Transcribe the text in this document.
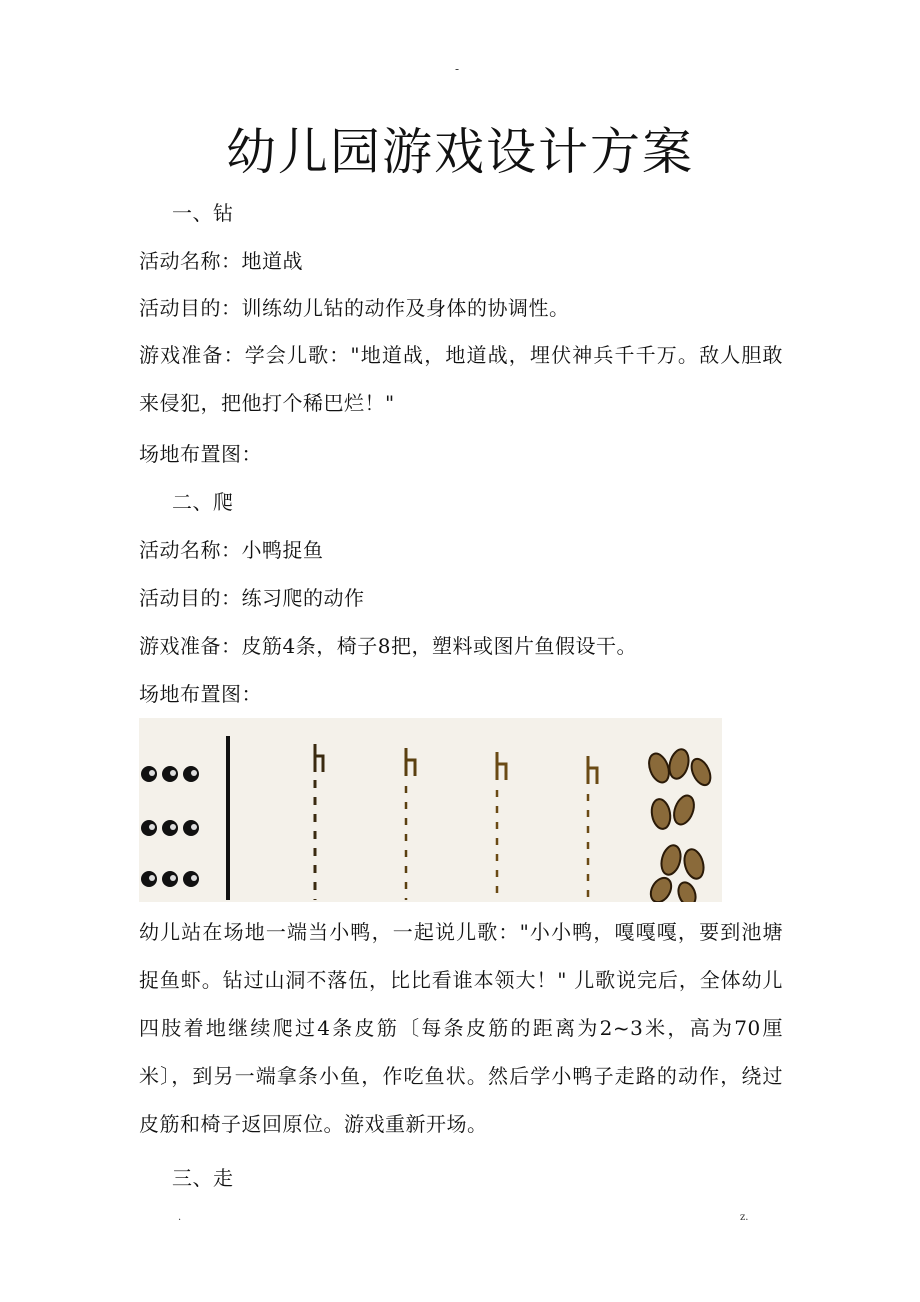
-
幼儿园游戏设计方案
一、钻
活动名称：地道战
活动目的：训练幼儿钻的动作及身体的协调性。
游戏准备：学会儿歌："地道战，地道战，埋伏神兵千千万。敌人胆敢来侵犯，把他打个稀巴烂！"
场地布置图：
二、爬
活动名称：小鸭捉鱼
活动目的：练习爬的动作
游戏准备：皮筋4条，椅子8把，塑料或图片鱼假设干。
场地布置图：
幼儿站在场地一端当小鸭，一起说儿歌："小小鸭，嘎嘎嘎，要到池塘捉鱼虾。钻过山洞不落伍，比比看谁本领大！" 儿歌说完后，全体幼儿四肢着地继续爬过4条皮筋〔每条皮筋的距离为2~3米，高为70厘米〕，到另一端拿条小鱼，作吃鱼状。然后学小鸭子走路的动作，绕过皮筋和椅子返回原位。游戏重新开场。
三、走
.	z.
